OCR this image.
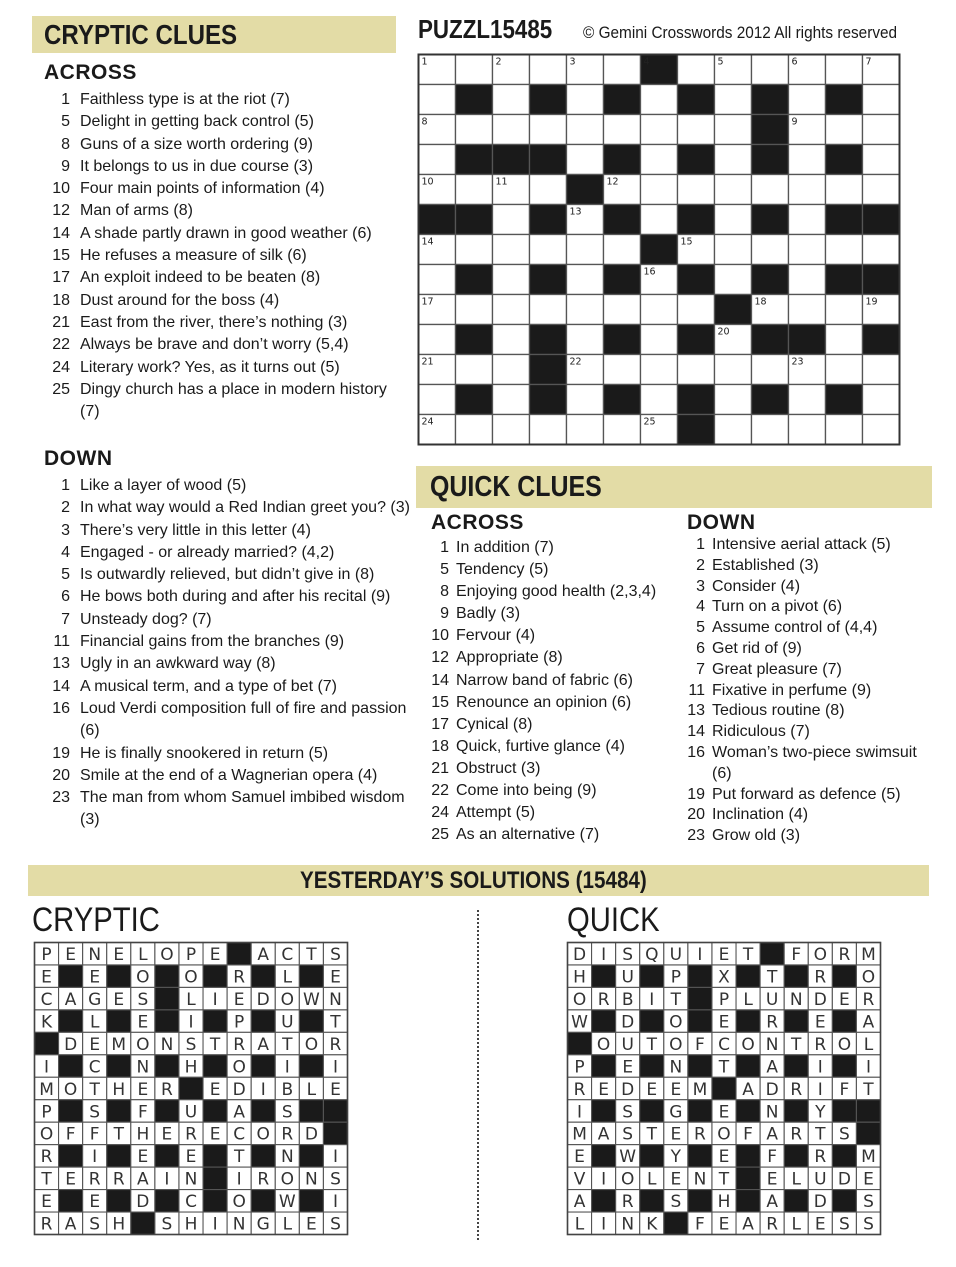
CRYPTIC CLUES
ACROSS
1 Faithless type is at the riot (7)
5 Delight in getting back control (5)
8 Guns of a size worth ordering (9)
9 It belongs to us in due course (3)
10 Four main points of information (4)
12 Man of arms (8)
14 A shade partly drawn in good weather (6)
15 He refuses a measure of silk (6)
17 An exploit indeed to be beaten (8)
18 Dust around for the boss (4)
21 East from the river, there’s nothing (3)
22 Always be brave and don’t worry (5,4)
24 Literary work? Yes, as it turns out (5)
25 Dingy church has a place in modern history (7)
DOWN
1 Like a layer of wood (5)
2 In what way would a Red Indian greet you? (3)
3 There’s very little in this letter (4)
4 Engaged - or already married? (4,2)
5 Is outwardly relieved, but didn’t give in (8)
6 He bows both during and after his recital (9)
7 Unsteady dog? (7)
11 Financial gains from the branches (9)
13 Ugly in an awkward way (8)
14 A musical term, and a type of bet (7)
16 Loud Verdi composition full of fire and passion (6)
19 He is finally snookered in return (5)
20 Smile at the end of a Wagnerian opera (4)
23 The man from whom Samuel imbibed wisdom (3)
PUZZL15485 © Gemini Crosswords 2012 All rights reserved
1	2	3	4	5	6	7
8	9
10	11	12
13
14	15
16
17	18	19
20
21	22	23
24	25
QUICK CLUES
ACROSS
1 In addition (7)
5 Tendency (5)
8 Enjoying good health (2,3,4)
9 Badly (3)
10 Fervour (4)
12 Appropriate (8)
14 Narrow band of fabric (6)
15 Renounce an opinion (6)
17 Cynical (8)
18 Quick, furtive glance (4)
21 Obstruct (3)
22 Come into being (9)
24 Attempt (5)
25 As an alternative (7)
DOWN
1 Intensive aerial attack (5)
2 Established (3)
3 Consider (4)
4 Turn on a pivot (6)
5 Assume control of (4,4)
6 Get rid of (9)
7 Great pleasure (7)
11 Fixative in perfume (9)
13 Tedious routine (8)
14 Ridiculous (7)
16 Woman’s two-piece swimsuit (6)
19 Put forward as defence (5)
20 Inclination (4)
23 Grow old (3)
YESTERDAY’S SOLUTIONS (15484)
CRYPTIC	QUICK
P E N E L O P E A C T S
E E O O R L E
C A G E S L I E D O W N
K L E I P U T
D E M O N S T R A T O R
I C N H O I	I
M O T H E R E D I B L E
P S F U A S
O F F T H E R E C O R D
R I E E T N I
T E R R A I N I R O N S
E E D C O W I
R A S H S H I N G L E S
D I S Q U I E T F O R M
H U P X T R O
O R B I T P L U N D E R
W D O E R E A
O U T O F C O N T R O L
P E N T A I	I
R E D E E M A D R I F T
I S G E N Y
M A S T E R O F A R T S
E W Y E F R M
V I O L E N T E L U D E
A R S H A D S
L I N K F E A R L E S S
